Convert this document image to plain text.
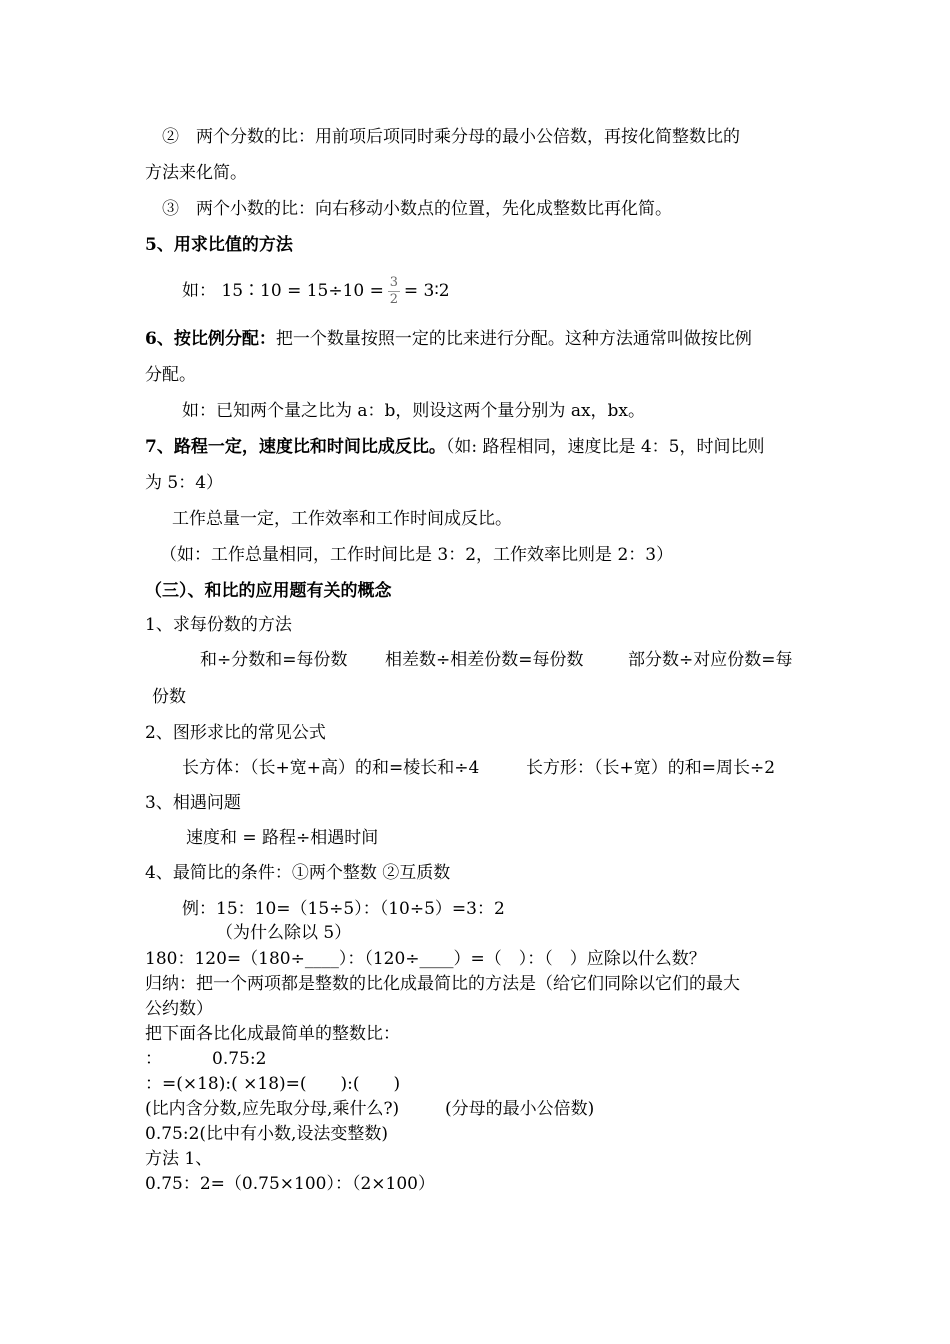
②　两个分数的比：用前项后项同时乘分母的最小公倍数，再按化简整数比的
方法来化简。
③　两个小数的比：向右移动小数点的位置，先化成整数比再化简。
5、用求比值的方法
如： 15∶10 = $15\div 10 = \frac{3}{2}$ = 3∶2
6、按比例分配：把一个数量按照一定的比来进行分配。这种方法通常叫做按比例
分配。
如：已知两个量之比为 a：b，则设这两个量分别为 ax，bx。
7、路程一定，速度比和时间比成反比。（如: 路程相同，速度比是 4：5，时间比则
为 5：4）
工作总量一定，工作效率和工作时间成反比。
（如：工作总量相同，工作时间比是 3：2，工作效率比则是 2：3）
（三）、和比的应用题有关的概念
1、求每份数的方法
和÷分数和=每份数 相差数÷相差份数=每份数	部分数÷对应份数=每
份数
2、图形求比的常见公式
长方体：（长+宽+高）的和=棱长和÷4	长方形：（长+宽）的和=周长÷2
3、相遇问题
速度和 = 路程÷相遇时间
4、最简比的条件：①两个整数 ②互质数
例：15：10=（15÷5）：（10÷5）=3：2
（为什么除以 5）
180：120=（180÷____）：（120÷____）=（　）：（　）应除以什么数？
归纳：把一个两项都是整数的比化成最简比的方法是（给它们同除以它们的最大
公约数）
把下面各比化成最简单的整数比：
：	0.75:2
：=(×18):( ×18)=(　　):(　　)
(比内含分数,应先取分母,乘什么?)	(分母的最小公倍数)
0.75:2(比中有小数,设法变整数)
方法 1、
0.75：2=（0.75×100）：（2×100）
